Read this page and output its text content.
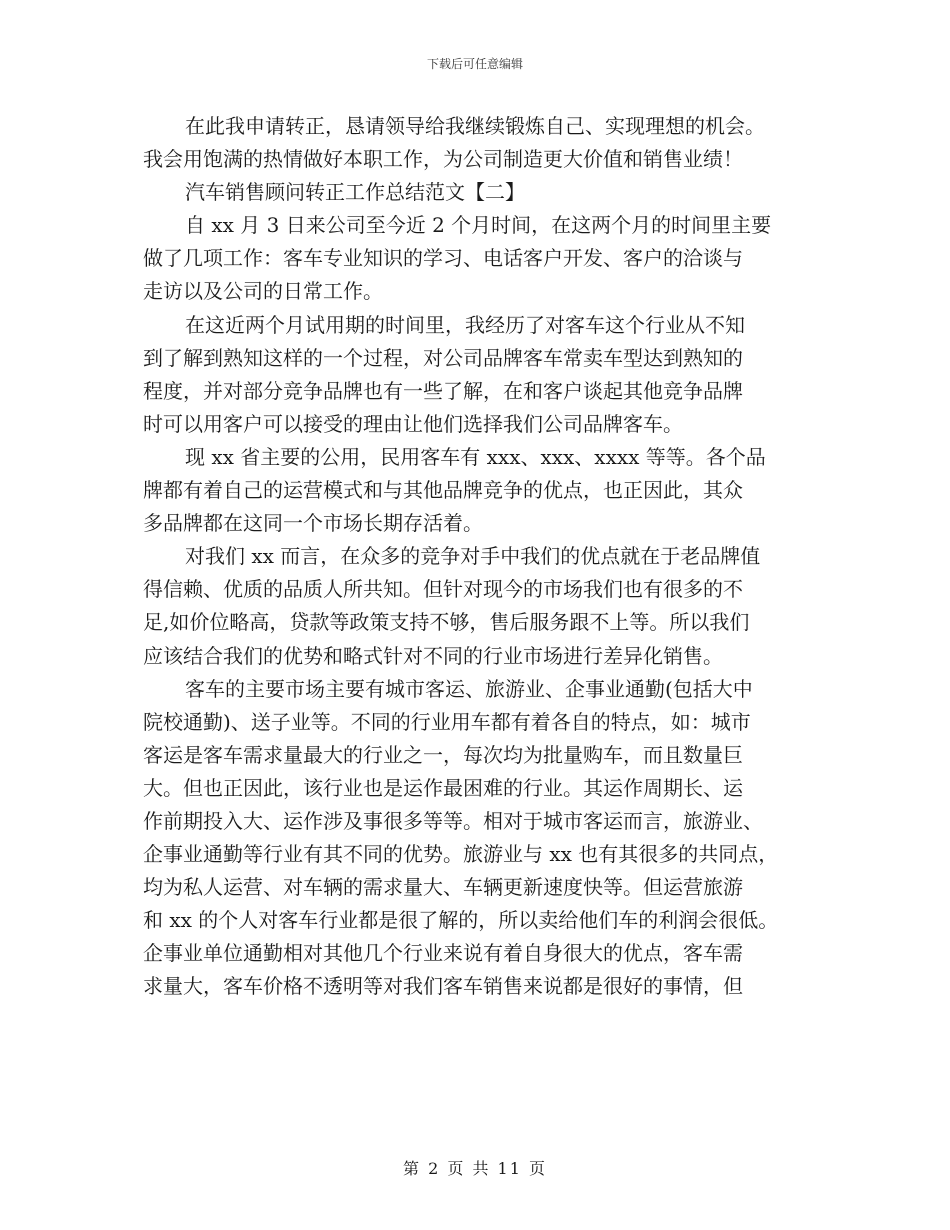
下载后可任意编辑
在此我申请转正，恳请领导给我继续锻炼自己、实现理想的机会。
我会用饱满的热情做好本职工作，为公司制造更大价值和销售业绩！
汽车销售顾问转正工作总结范文【二】
自 xx 月 3 日来公司至今近 2 个月时间，在这两个月的时间里主要
做了几项工作：客车专业知识的学习、电话客户开发、客户的洽谈与
走访以及公司的日常工作。
在这近两个月试用期的时间里，我经历了对客车这个行业从不知
到了解到熟知这样的一个过程，对公司品牌客车常卖车型达到熟知的
程度，并对部分竞争品牌也有一些了解，在和客户谈起其他竞争品牌
时可以用客户可以接受的理由让他们选择我们公司品牌客车。
现 xx 省主要的公用，民用客车有 xxx、xxx、xxxx 等等。各个品
牌都有着自己的运营模式和与其他品牌竞争的优点，也正因此，其众
多品牌都在这同一个市场长期存活着。
对我们 xx 而言，在众多的竞争对手中我们的优点就在于老品牌值
得信赖、优质的品质人所共知。但针对现今的市场我们也有很多的不
足,如价位略高，贷款等政策支持不够，售后服务跟不上等。所以我们
应该结合我们的优势和略式针对不同的行业市场进行差异化销售。
客车的主要市场主要有城市客运、旅游业、企事业通勤(包括大中
院校通勤)、送子业等。不同的行业用车都有着各自的特点，如：城市
客运是客车需求量最大的行业之一，每次均为批量购车，而且数量巨
大。但也正因此，该行业也是运作最困难的行业。其运作周期长、运
作前期投入大、运作涉及事很多等等。相对于城市客运而言，旅游业、
企事业通勤等行业有其不同的优势。旅游业与 xx 也有其很多的共同点，
均为私人运营、对车辆的需求量大、车辆更新速度快等。但运营旅游
和 xx 的个人对客车行业都是很了解的，所以卖给他们车的利润会很低。
企事业单位通勤相对其他几个行业来说有着自身很大的优点，客车需
求量大，客车价格不透明等对我们客车销售来说都是很好的事情，但
第 2 页 共 11 页
